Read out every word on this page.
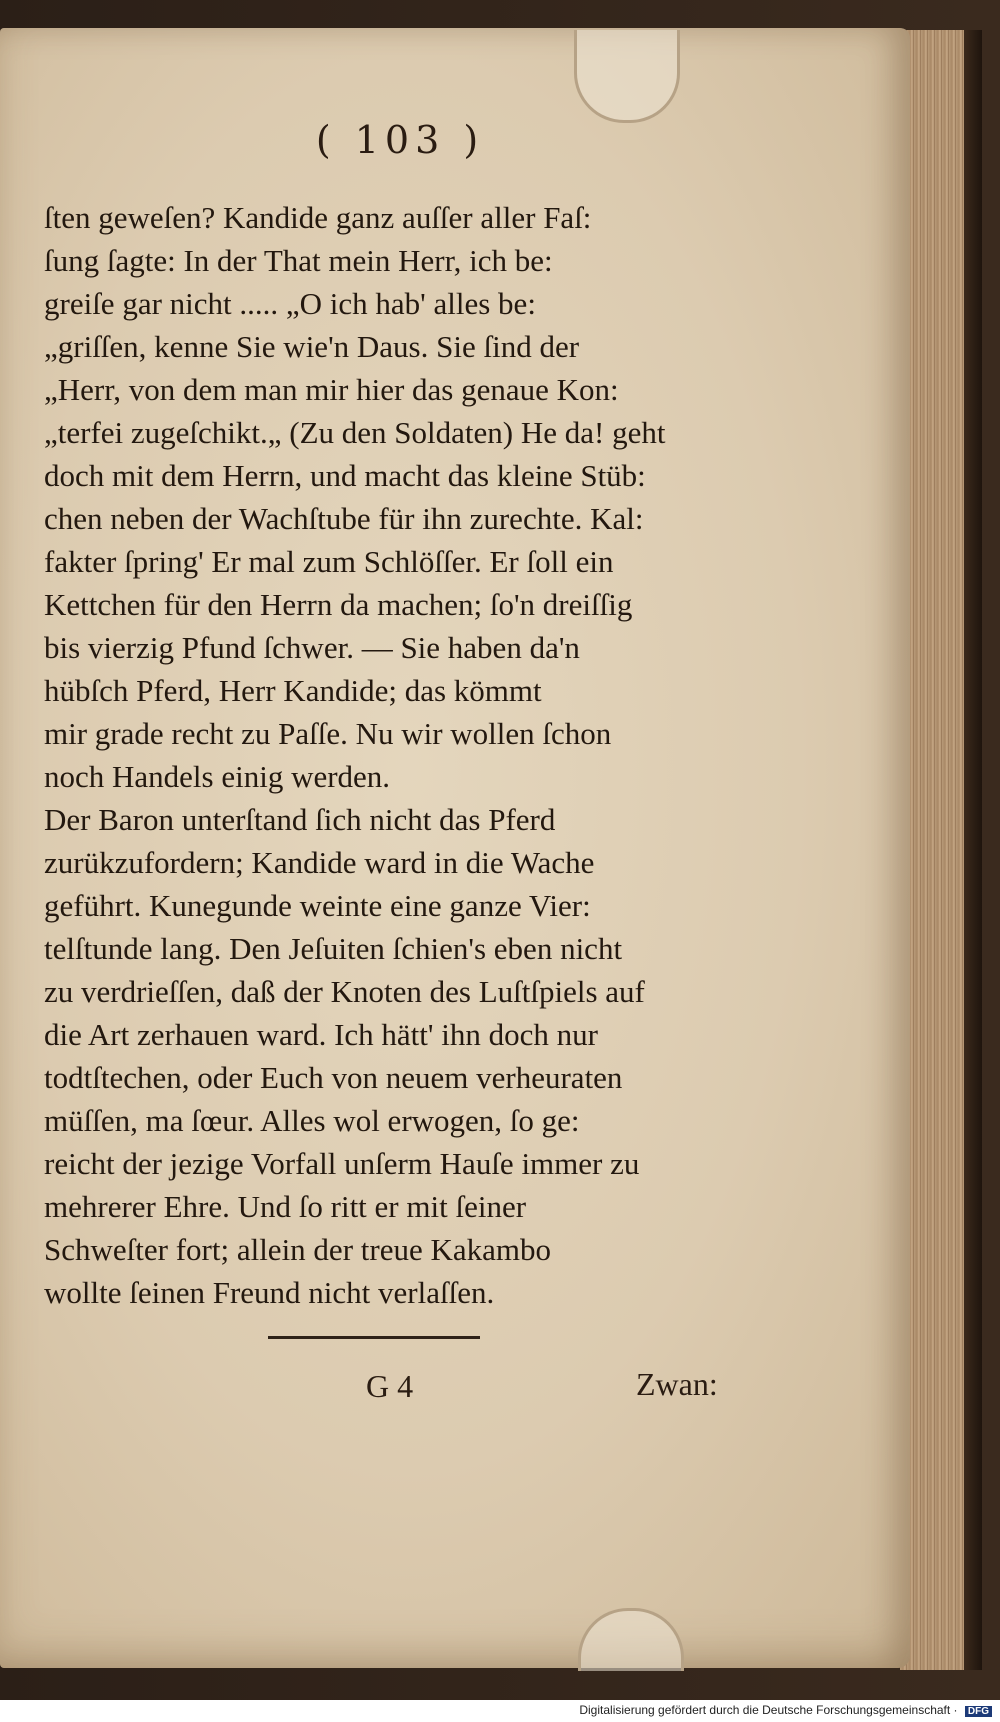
( 103 )
ſten geweſen? Kandide ganz auſſer aller Faſ:
ſung ſagte: In der That mein Herr, ich be:
greiſe gar nicht ..... „O ich hab' alles be:
„griſſen, kenne Sie wie'n Daus. Sie ſind der
„Herr, von dem man mir hier das genaue Kon:
„terfei zugeſchikt.„ (Zu den Soldaten) He da! geht
doch mit dem Herrn, und macht das kleine Stüb:
chen neben der Wachſtube für ihn zurechte. Kal:
fakter ſpring' Er mal zum Schlöſſer. Er ſoll ein
Kettchen für den Herrn da machen; ſo'n dreiſſig
bis vierzig Pfund ſchwer. — Sie haben da'n
hübſch Pferd, Herr Kandide; das kömmt
mir grade recht zu Paſſe. Nu wir wollen ſchon
noch Handels einig werden.
Der Baron unterſtand ſich nicht das Pferd
zurükzufordern; Kandide ward in die Wache
geführt. Kunegunde weinte eine ganze Vier:
telſtunde lang. Den Jeſuiten ſchien's eben nicht
zu verdrieſſen, daß der Knoten des Luſtſpiels auf
die Art zerhauen ward. Ich hätt' ihn doch nur
todtſtechen, oder Euch von neuem verheuraten
müſſen, ma ſœur. Alles wol erwogen, ſo ge:
reicht der jezige Vorfall unſerm Hauſe immer zu
mehrerer Ehre. Und ſo ritt er mit ſeiner
Schweſter fort; allein der treue Kakambo
wollte ſeinen Freund nicht verlaſſen.
G 4	Zwan:
Digitalisierung gefördert durch die Deutsche Forschungsgemeinschaft · DFG
